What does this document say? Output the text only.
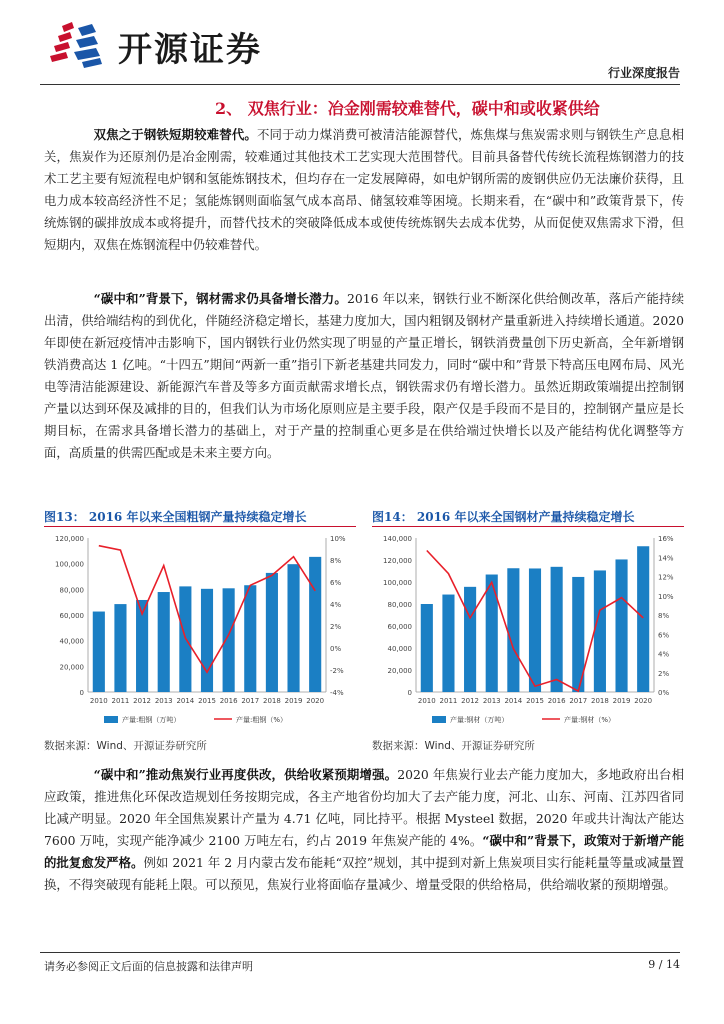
开源证券
行业深度报告
2、 双焦行业：冶金刚需较难替代，碳中和或收紧供给
双焦之于钢铁短期较难替代。不同于动力煤消费可被清洁能源替代，炼焦煤与焦炭需求则与钢铁生产息息相关，焦炭作为还原剂仍是冶金刚需，较难通过其他技术工艺实现大范围替代。目前具备替代传统长流程炼钢潜力的技术工艺主要有短流程电炉钢和氢能炼钢技术，但均存在一定发展障碍，如电炉钢所需的废钢供应仍无法廉价获得，且电力成本较高经济性不足；氢能炼钢则面临氢气成本高昂、储氢较难等困境。长期来看，在“碳中和”政策背景下，传统炼钢的碳排放成本或将提升，而替代技术的突破降低成本或使传统炼钢失去成本优势，从而促使双焦需求下滑，但短期内，双焦在炼钢流程中仍较难替代。
“碳中和”背景下，钢材需求仍具备增长潜力。2016 年以来，钢铁行业不断深化供给侧改革，落后产能持续出清，供给端结构的到优化，伴随经济稳定增长，基建力度加大，国内粗钢及钢材产量重新进入持续增长通道。2020 年即使在新冠疫情冲击影响下，国内钢铁行业仍然实现了明显的产量正增长，钢铁消费量创下历史新高，全年新增钢铁消费高达 1 亿吨。“十四五”期间“两新一重”指引下新老基建共同发力，同时“碳中和”背景下特高压电网布局、风光电等清洁能源建设、新能源汽车普及等多方面贡献需求增长点，钢铁需求仍有增长潜力。虽然近期政策端提出控制钢产量以达到环保及减排的目的，但我们认为市场化原则应是主要手段，限产仅是手段而不是目的，控制钢产量应是长期目标，在需求具备增长潜力的基础上，对于产量的控制重心更多是在供给端过快增长以及产能结构优化调整等方面，高质量的供需匹配或是未来主要方向。
图13： 2016 年以来全国粗钢产量持续稳定增长
0
20,000
40,000
60,000
80,000
100,000
120,000
-4%
-2%
0%
2%
4%
6%
8%
10%
2010 2011 2012 2013 2014 2015 2016 2017 2018 2019 2020
产量:粗钢（万吨）	产量:粗钢（%）
数据来源：Wind、开源证券研究所
图14： 2016 年以来全国钢材产量持续稳定增长
0
20,000
40,000
60,000
80,000
100,000
120,000
140,000
0%
2%
4%
6%
8%
10%
12%
14%
16%
2010 2011 2012 2013 2014 2015 2016 2017 2018 2019 2020
产量:钢材（万吨）	产量:钢材（%）
数据来源：Wind、开源证券研究所
“碳中和”推动焦炭行业再度供改，供给收紧预期增强。2020 年焦炭行业去产能力度加大，多地政府出台相应政策，推进焦化环保改造规划任务按期完成，各主产地省份均加大了去产能力度，河北、山东、河南、江苏四省同比减产明显。2020 年全国焦炭累计产量为 4.71 亿吨，同比持平。根据 Mysteel 数据，2020 年或共计淘汰产能达 7600 万吨，实现产能净减少 2100 万吨左右，约占 2019 年焦炭产能的 4%。“碳中和”背景下，政策对于新增产能的批复愈发严格。例如 2021 年 2 月内蒙古发布能耗“双控”规划，其中提到对新上焦炭项目实行能耗量等量或减量置换，不得突破现有能耗上限。可以预见，焦炭行业将面临存量减少、增量受限的供给格局，供给端收紧的预期增强。
请务必参阅正文后面的信息披露和法律声明	9 / 14
